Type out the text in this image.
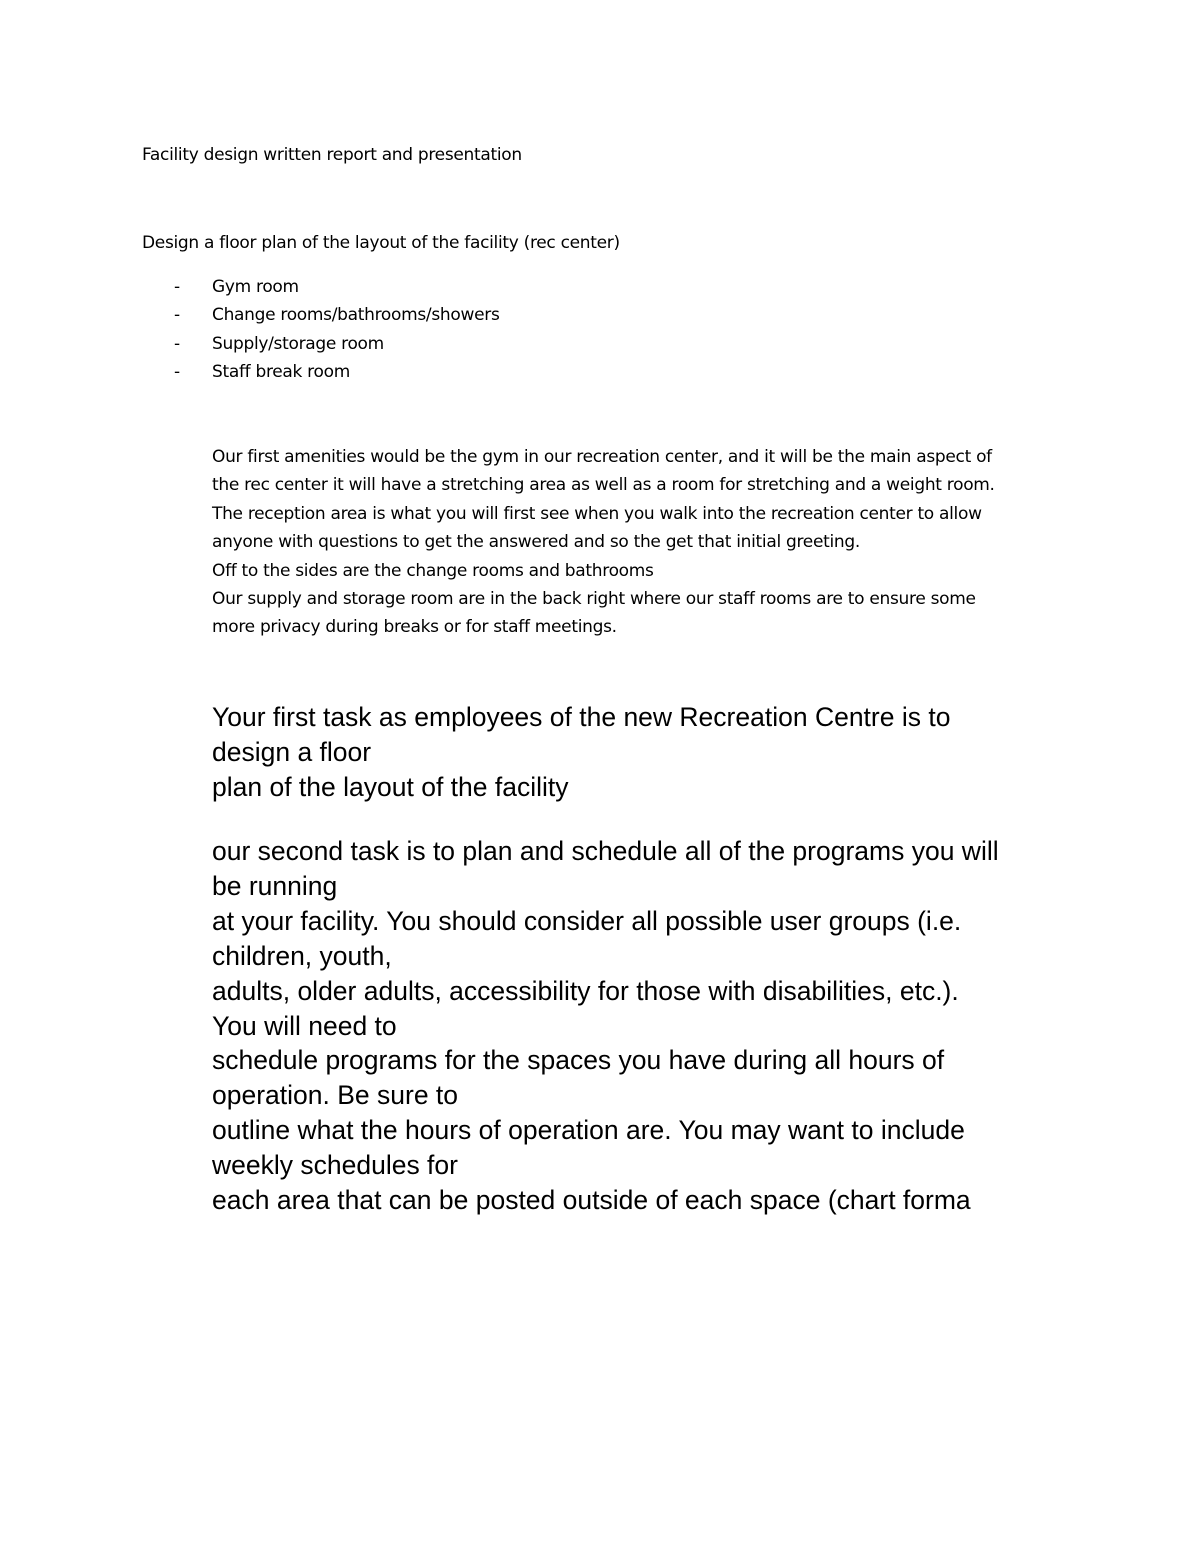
Facility design written report and presentation

Design a floor plan of the layout of the facility (rec center)

- Gym room
- Change rooms/bathrooms/showers
- Supply/storage room
- Staff break room
Our first amenities would be the gym in our recreation center, and it will be the main aspect of
the rec center it will have a stretching area as well as a room for stretching and a weight room.
The reception area is what you will first see when you walk into the recreation center to allow
anyone with questions to get the answered and so the get that initial greeting.
Off to the sides are the change rooms and bathrooms
Our supply and storage room are in the back right where our staff rooms are to ensure some
more privacy during breaks or for staff meetings.

Your first task as employees of the new Recreation Centre is to
design a floor
plan of the layout of the facility

our second task is to plan and schedule all of the programs you will
be running
at your facility. You should consider all possible user groups (i.e.
children, youth,
adults, older adults, accessibility for those with disabilities, etc.).
You will need to
schedule programs for the spaces you have during all hours of
operation. Be sure to
outline what the hours of operation are. You may want to include
weekly schedules for
each area that can be posted outside of each space (chart forma
